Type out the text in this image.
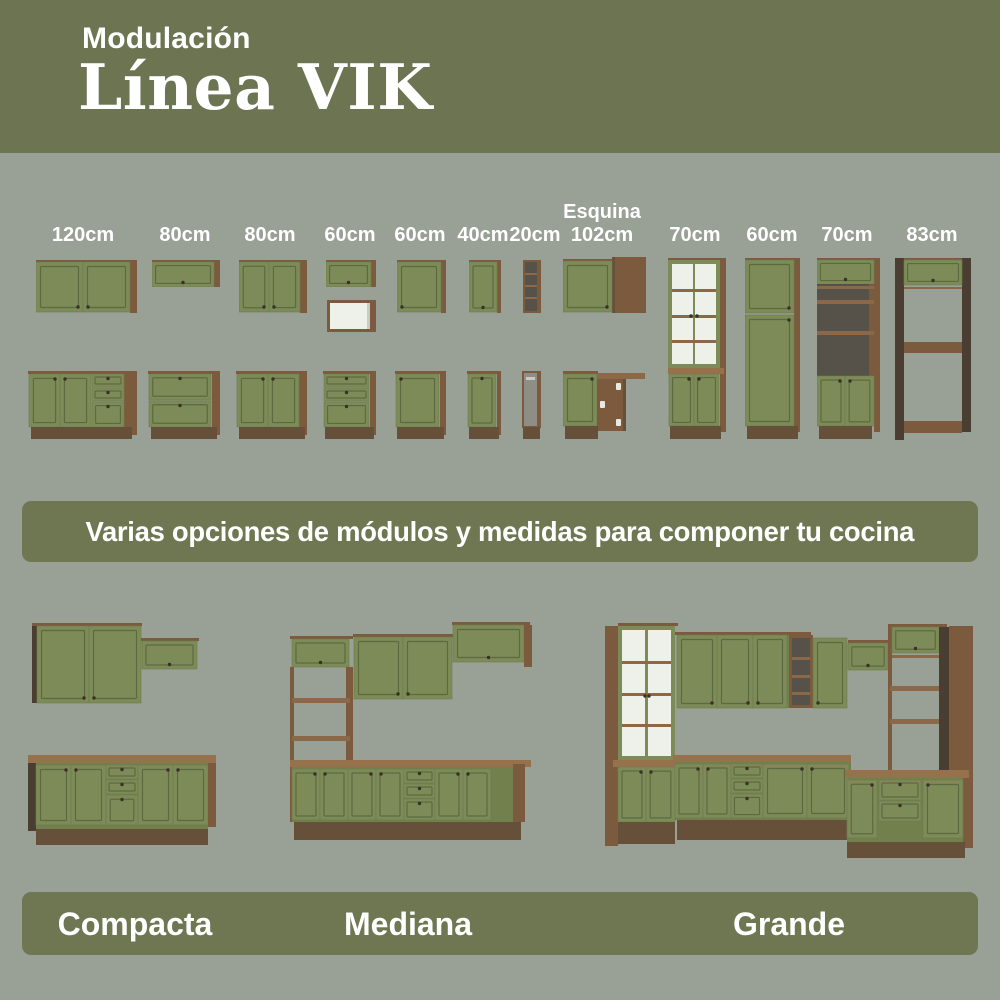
Modulación
Línea VIK
120cm 80cm 80cm 60cm 60cm 40cm 20cm
Esquina
102cm	70cm 60cm 70cm 83cm
Varias opciones de módulos y medidas para componer tu cocina
Compacta	Mediana	Grande
